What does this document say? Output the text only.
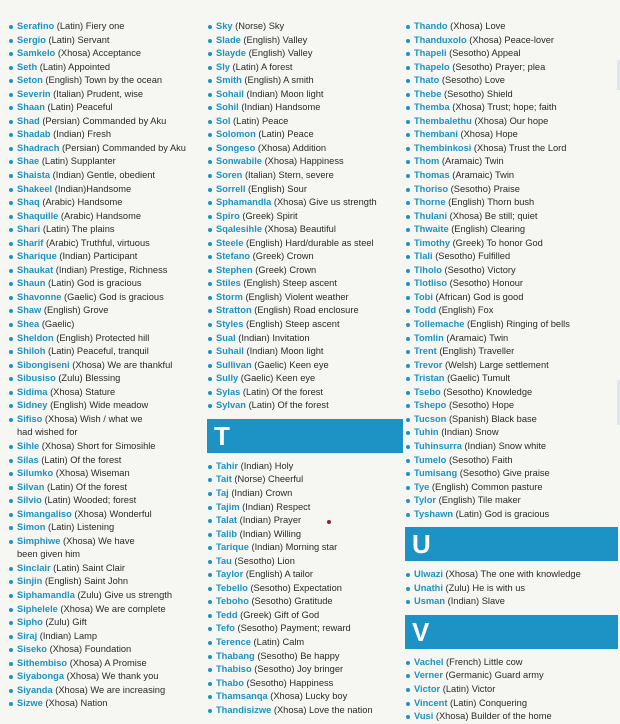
Serafino (Latin) Fiery one
Sergio (Latin) Servant
Samkelo (Xhosa) Acceptance
Seth (Latin) Appointed
Seton (English) Town by the ocean
Severin (Italian) Prudent, wise
Shaan (Latin) Peaceful
Shad (Persian) Commanded by Aku
Shadab (Indian) Fresh
Shadrach (Persian) Commanded by Aku
Shae (Latin) Supplanter
Shaista (Indian) Gentle, obedient
Shakeel (Indian)Handsome
Shaq (Arabic) Handsome
Shaquille (Arabic) Handsome
Shari (Latin) The plains
Sharif (Arabic) Truthful, virtuous
Sharique (Indian) Participant
Shaukat (Indian) Prestige, Richness
Shaun (Latin) God is gracious
Shavonne (Gaelic) God is gracious
Shaw (English) Grove
Shea (Gaelic)
Sheldon (English) Protected hill
Shiloh (Latin) Peaceful, tranquil
Sibongiseni (Xhosa) We are thankful
Sibusiso (Zulu) Blessing
Sidima (Xhosa) Stature
Sidney (English) Wide meadow
Sifiso (Xhosa) Wish / what we
had wished for
Sihle (Xhosa) Short for Simosihle
Silas (Latin) Of the forest
Silumko (Xhosa) Wiseman
Silvan (Latin) Of the forest
Silvio (Latin) Wooded; forest
Simangaliso (Xhosa) Wonderful
Simon (Latin) Listening
Simphiwe (Xhosa) We have
been given him
Sinclair (Latin) Saint Clair
Sinjin (English) Saint John
Siphamandla (Zulu) Give us strength
Siphelele (Xhosa) We are complete
Sipho (Zulu) Gift
Siraj (Indian) Lamp
Siseko (Xhosa) Foundation
Sithembiso (Xhosa) A Promise
Siyabonga (Xhosa) We thank you
Siyanda (Xhosa) We are increasing
Sizwe (Xhosa) Nation
Sky (Norse) Sky
Slade (English) Valley
Slayde (English) Valley
Sly (Latin) A forest
Smith (English) A smith
Sohail (Indian) Moon light
Sohil (Indian) Handsome
Sol (Latin) Peace
Solomon (Latin) Peace
Songeso (Xhosa) Addition
Sonwabile (Xhosa) Happiness
Soren (Italian) Stern, severe
Sorrell (English) Sour
Sphamandla (Xhosa) Give us strength
Spiro (Greek) Spirit
Sqalesihle (Xhosa) Beautiful
Steele (English) Hard/durable as steel
Stefano (Greek) Crown
Stephen (Greek) Crown
Stiles (English) Steep ascent
Storm (English) Violent weather
Stratton (English) Road enclosure
Styles (English) Steep ascent
Sual (Indian) Invitation
Suhail (Indian) Moon light
Sullivan (Gaelic) Keen eye
Sully (Gaelic) Keen eye
Sylas (Latin) Of the forest
Sylvan (Latin) Of the forest
T
Tahir (Indian) Holy
Tait (Norse) Cheerful
Taj (Indian) Crown
Tajim (Indian) Respect
Talat (Indian) Prayer
Talib (Indian) Willing
Tarique (Indian) Morning star
Tau (Sesotho) Lion
Taylor (English) A tailor
Tebello (Sesotho) Expectation
Teboho (Sesotho) Gratitude
Tedd (Greek) Gift of God
Tefo (Sesotho) Payment; reward
Terence (Latin) Calm
Thabang (Sesotho) Be happy
Thabiso (Sesotho) Joy bringer
Thabo (Sesotho) Happiness
Thamsanqa (Xhosa) Lucky boy
Thandisizwe (Xhosa) Love the nation
Thando (Xhosa) Love
Thanduxolo (Xhosa) Peace-lover
Thapeli (Sesotho) Appeal
Thapelo (Sesotho) Prayer; plea
Thato (Sesotho) Love
Thebe (Sesotho) Shield
Themba (Xhosa) Trust; hope; faith
Thembalethu (Xhosa) Our hope
Thembani (Xhosa) Hope
Thembinkosi (Xhosa) Trust the Lord
Thom (Aramaic) Twin
Thomas (Aramaic) Twin
Thoriso (Sesotho) Praise
Thorne (English) Thorn bush
Thulani (Xhosa) Be still; quiet
Thwaite (English) Clearing
Timothy (Greek) To honor God
Tlali (Sesotho) Fulfilled
Tlholo (Sesotho) Victory
Tlotliso (Sesotho) Honour
Tobi (African) God is good
Todd (English) Fox
Tollemache (English) Ringing of bells
Tomlin (Aramaic) Twin
Trent (English) Traveller
Trevor (Welsh) Large settlement
Tristan (Gaelic) Tumult
Tsebo (Sesotho) Knowledge
Tshepo (Sesotho) Hope
Tucson (Spanish) Black base
Tuhin (Indian) Snow
Tuhinsurra (Indian) Snow white
Tumelo (Sesotho) Faith
Tumisang (Sesotho) Give praise
Tye (English) Common pasture
Tylor (English) Tile maker
Tyshawn (Latin) God is gracious
U
Ulwazi (Xhosa) The one with knowledge
Unathi (Zulu) He is with us
Usman (Indian) Slave
V
Vachel (French) Little cow
Verner (Germanic) Guard army
Victor (Latin) Victor
Vincent (Latin) Conquering
Vusi (Xhosa) Builder of the home
